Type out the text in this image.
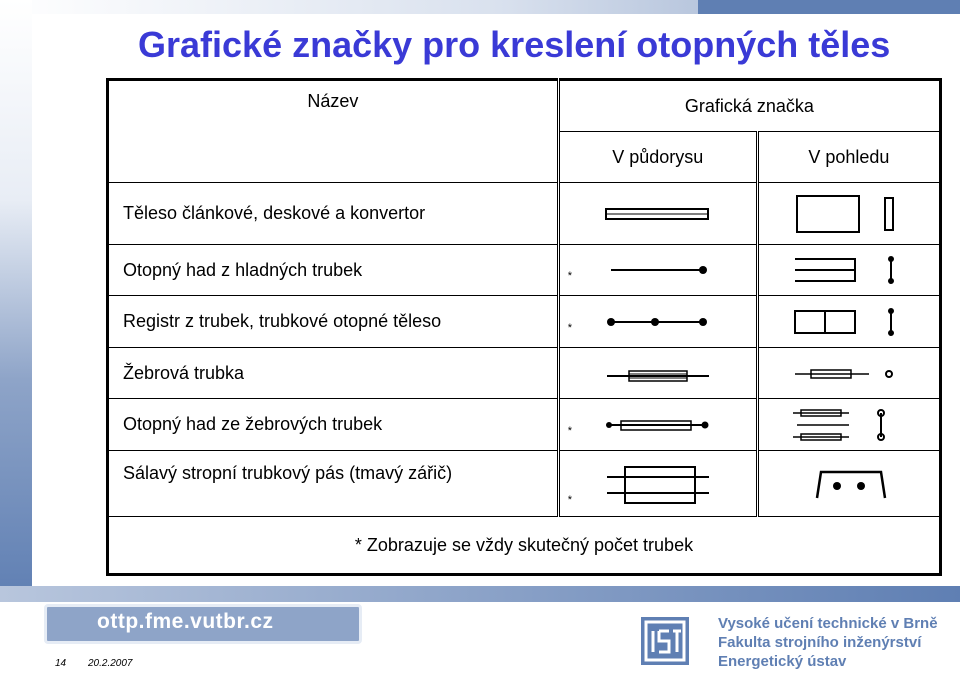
Grafické značky pro kreslení otopných těles
Název	Grafická značka	
	V půdorysu	V pohledu
Těleso článkové, deskové a konvertor	

Otopný had z hladných trubek	*

Registr z trubek, trubkové otopné těleso	*

Žebrová trubka	

Otopný had ze žebrových trubek	*

Sálavý stropní trubkový pás (tmavý zářič)	*

* Zobrazuje se vždy skutečný počet trubek		
ottp.fme.vutbr.cz
14 20.2.2007
Vysoké učení technické v Brně
Fakulta strojního inženýrství
Energetický ústav
